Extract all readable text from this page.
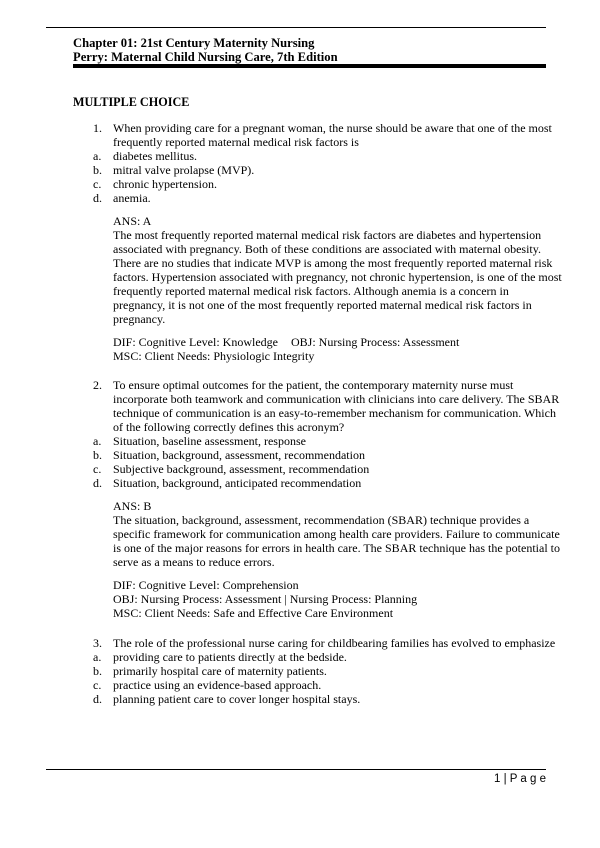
Chapter 01: 21st Century Maternity Nursing
Perry: Maternal Child Nursing Care, 7th Edition
MULTIPLE CHOICE
1. When providing care for a pregnant woman, the nurse should be aware that one of the most frequently reported maternal medical risk factors is
a. diabetes mellitus.
b. mitral valve prolapse (MVP).
c. chronic hypertension.
d. anemia.
ANS: A
The most frequently reported maternal medical risk factors are diabetes and hypertension associated with pregnancy. Both of these conditions are associated with maternal obesity. There are no studies that indicate MVP is among the most frequently reported maternal risk factors. Hypertension associated with pregnancy, not chronic hypertension, is one of the most frequently reported maternal medical risk factors. Although anemia is a concern in pregnancy, it is not one of the most frequently reported maternal medical risk factors in pregnancy.
DIF: Cognitive Level: Knowledge	OBJ: Nursing Process: Assessment
MSC: Client Needs: Physiologic Integrity
2. To ensure optimal outcomes for the patient, the contemporary maternity nurse must incorporate both teamwork and communication with clinicians into care delivery. The SBAR technique of communication is an easy-to-remember mechanism for communication. Which of the following correctly defines this acronym?
a. Situation, baseline assessment, response
b. Situation, background, assessment, recommendation
c. Subjective background, assessment, recommendation
d. Situation, background, anticipated recommendation
ANS: B
The situation, background, assessment, recommendation (SBAR) technique provides a specific framework for communication among health care providers. Failure to communicate is one of the major reasons for errors in health care. The SBAR technique has the potential to serve as a means to reduce errors.
DIF: Cognitive Level: Comprehension
OBJ: Nursing Process: Assessment | Nursing Process: Planning
MSC: Client Needs: Safe and Effective Care Environment
3. The role of the professional nurse caring for childbearing families has evolved to emphasize
a. providing care to patients directly at the bedside.
b. primarily hospital care of maternity patients.
c. practice using an evidence-based approach.
d. planning patient care to cover longer hospital stays.
1 | P a g e
